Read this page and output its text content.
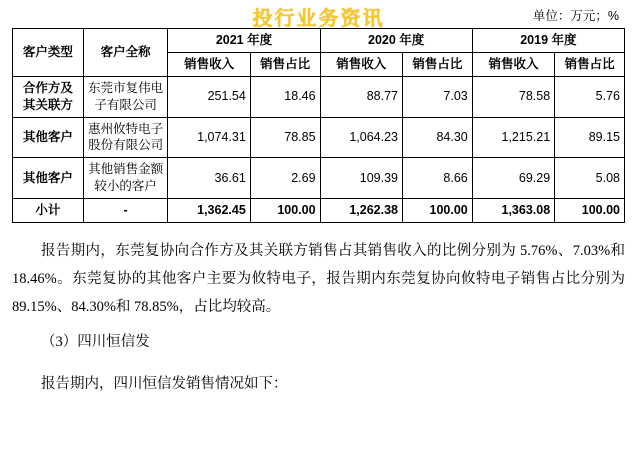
投行业务资讯	单位：万元；%
客户类型	客户全称	2021 年度		2020 年度		2019 年度	
		销售收入	销售占比	销售收入	销售占比	销售收入	销售占比
合作方及其关联方	东莞市复伟电子有限公司	251.54	18.46	88.77	7.03	78.58	5.76
其他客户	惠州攸特电子股份有限公司	1,074.31	78.85	1,064.23	84.30	1,215.21	89.15
其他客户	其他销售金额较小的客户	36.61	2.69	109.39	8.66	69.29	5.08
小计	-	1,362.45	100.00	1,262.38	100.00	1,363.08	100.00

报告期内，东莞复协向合作方及其关联方销售占其销售收入的比例分别为 5.76%、7.03%和 18.46%。东莞复协的其他客户主要为攸特电子，报告期内东莞复协向攸特电子销售占比分别为 89.15%、84.30%和 78.85%，占比均较高。

（3）四川恒信发

报告期内，四川恒信发销售情况如下：
